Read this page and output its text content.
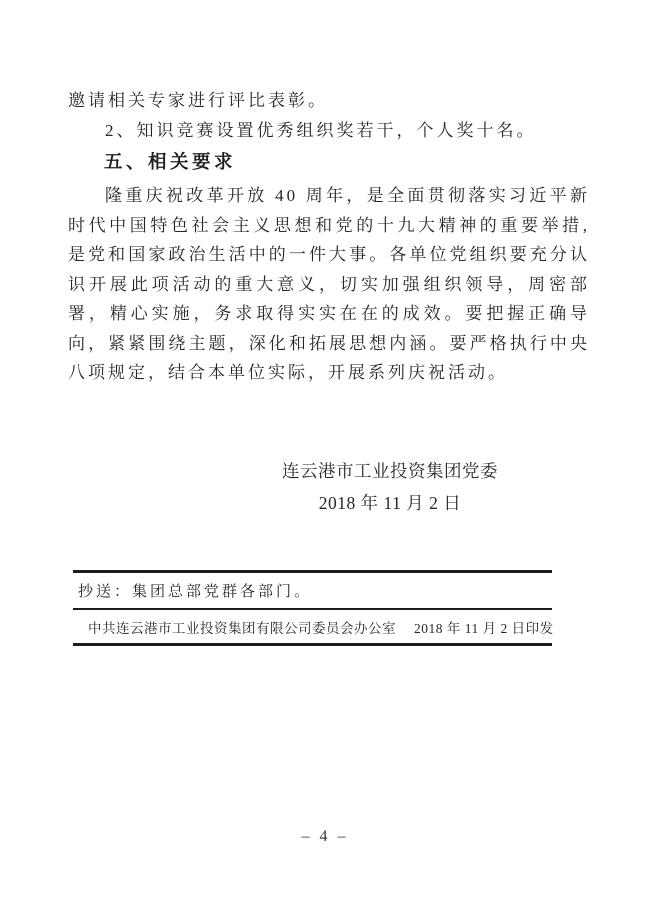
邀请相关专家进行评比表彰。
2、知识竞赛设置优秀组织奖若干，个人奖十名。
五、相关要求

隆重庆祝改革开放 40 周年，是全面贯彻落实习近平新时代中国特色社会主义思想和党的十九大精神的重要举措,是党和国家政治生活中的一件大事。各单位党组织要充分认识开展此项活动的重大意义，切实加强组织领导，周密部署，精心实施，务求取得实实在在的成效。要把握正确导向，紧紧围绕主题，深化和拓展思想内涵。要严格执行中央八项规定，结合本单位实际，开展系列庆祝活动。

连云港市工业投资集团党委
2018 年 11 月 2 日
抄送： 集团总部党群各部门。
中共连云港市工业投资集团有限公司委员会办公室 2018 年 11 月 2 日印发
– 4 –
